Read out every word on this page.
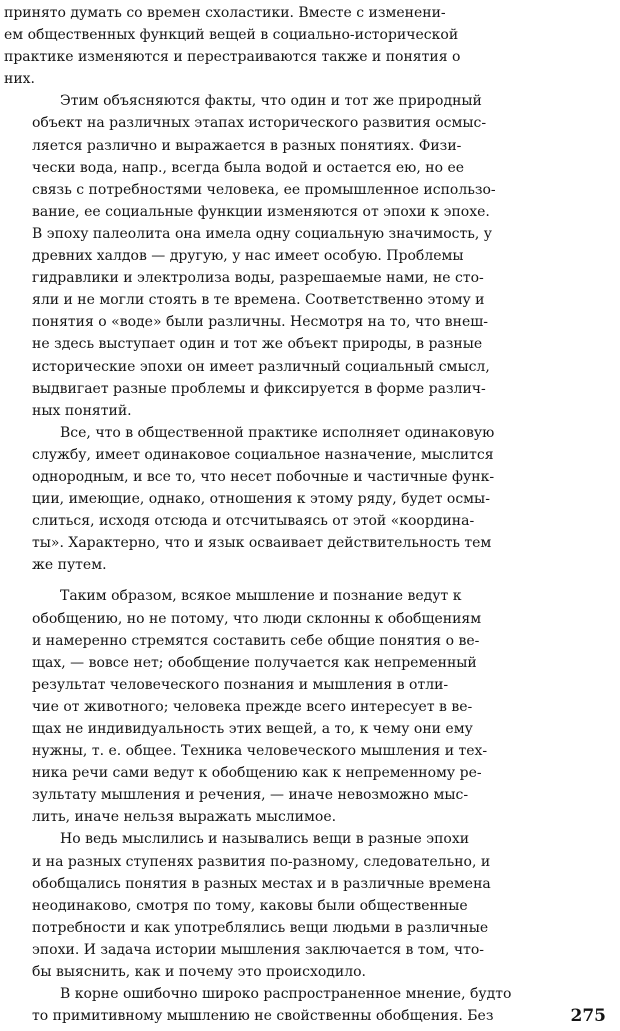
принято думать со времен схоластики. Вместе с изменени-
ем общественных функций вещей в социально-исторической
практике изменяются и перестраиваются также и понятия о
них.
Этим объясняются факты, что один и тот же природный
объект на различных этапах исторического развития осмыс-
ляется различно и выражается в разных понятиях. Физи-
чески вода, напр., всегда была водой и остается ею, но ее
связь с потребностями человека, ее промышленное использо-
вание, ее социальные функции изменяются от эпохи к эпохе.
В эпоху палеолита она имела одну социальную значимость, у
древних халдов — другую, у нас имеет особую. Проблемы
гидравлики и электролиза воды, разрешаемые нами, не сто-
яли и не могли стоять в те времена. Соответственно этому и
понятия о «воде» были различны. Несмотря на то, что внеш-
не здесь выступает один и тот же объект природы, в разные
исторические эпохи он имеет различный социальный смысл,
выдвигает разные проблемы и фиксируется в форме различ-
ных понятий.
Все, что в общественной практике исполняет одинаковую
службу, имеет одинаковое социальное назначение, мыслится
однородным, и все то, что несет побочные и частичные функ-
ции, имеющие, однако, отношения к этому ряду, будет осмы-
слиться, исходя отсюда и отсчитываясь от этой «координа-
ты». Характерно, что и язык осваивает действительность тем
же путем.
Таким образом, всякое мышление и познание ведут к
обобщению, но не потому, что люди склонны к обобщениям
и намеренно стремятся составить себе общие понятия о ве-
щах, — вовсе нет; обобщение получается как непременный
результат человеческого познания и мышления в отли-
чие от животного; человека прежде всего интересует в ве-
щах не индивидуальность этих вещей, а то, к чему они ему
нужны, т. е. общее. Техника человеческого мышления и тех-
ника речи сами ведут к обобщению как к непременному ре-
зультату мышления и речения, — иначе невозможно мыс-
лить, иначе нельзя выражать мыслимое.
Но ведь мыслились и назывались вещи в разные эпохи
и на разных ступенях развития по-разному, следовательно, и
обобщались понятия в разных местах и в различные времена
неодинаково, смотря по тому, каковы были общественные
потребности и как употреблялись вещи людьми в различные
эпохи. И задача истории мышления заключается в том, что-
бы выяснить, как и почему это происходило.
В корне ошибочно широко распространенное мнение, будто
то примитивному мышлению не свойственны обобщения. Без	275
